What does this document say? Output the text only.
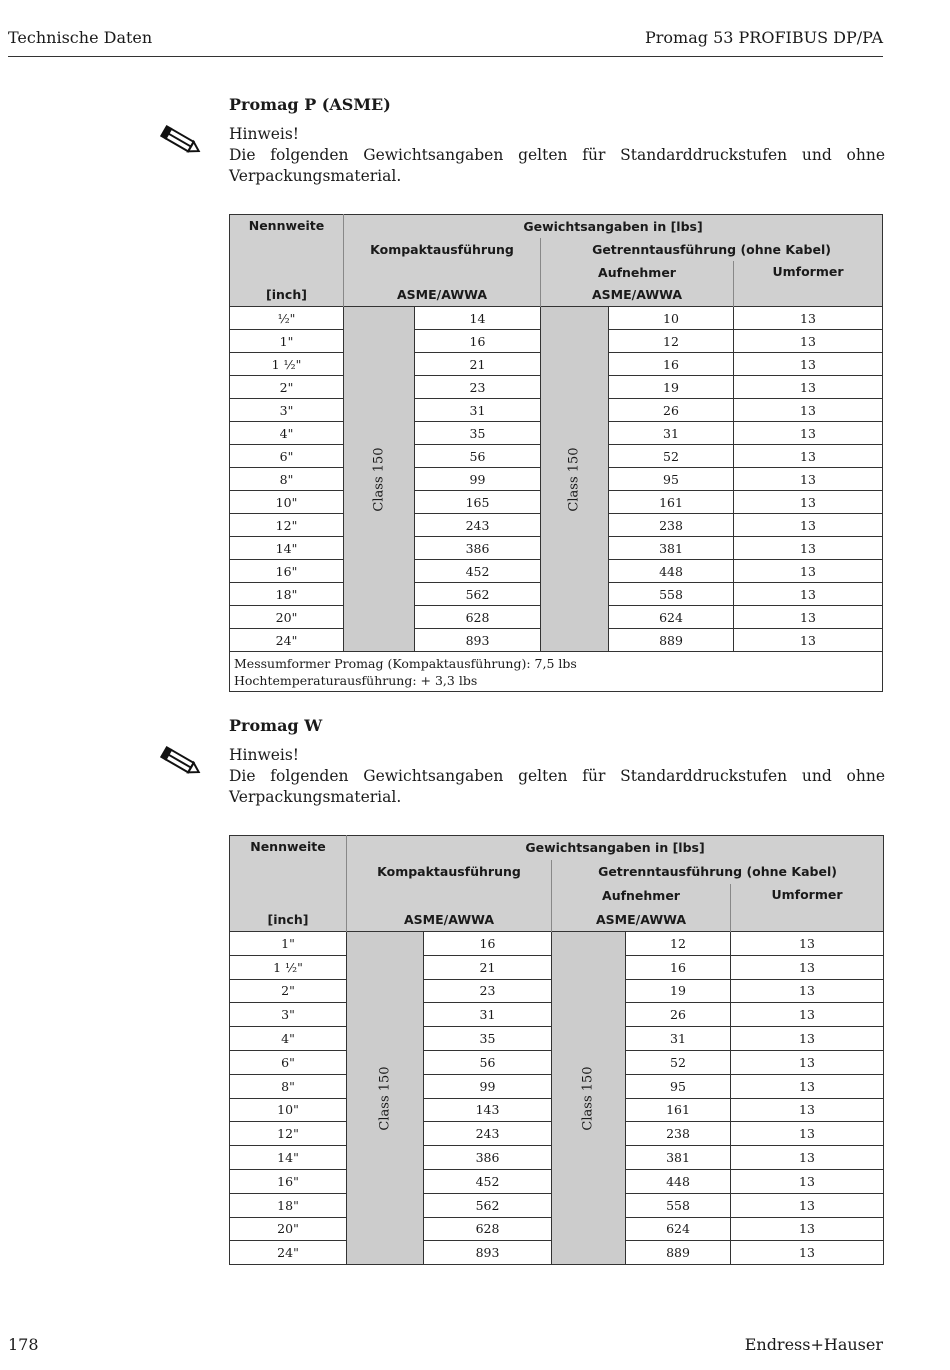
Technische Daten	Promag 53 PROFIBUS DP/PA
Promag P (ASME)

Hinweis!

Die folgenden Gewichtsangaben gelten für Standarddruckstufen und ohne Verpackungsmaterial.

Nennweite	Gewichtsangaben in [lbs]				
	Kompaktausführung		Getrenntausführung (ohne Kabel)		
			Aufnehmer		Umformer
[inch]	ASME/AWWA		ASME/AWWA		
½"	Class 150	14	Class 150	10	13
1"		16		12	13
1 ½"		21		16	13
2"		23		19	13
3"		31		26	13
4"		35		31	13
6"		56		52	13
8"		99		95	13
10"		165		161	13
12"		243		238	13
14"		386		381	13
16"		452		448	13
18"		562		558	13
20"		628		624	13
24"		893		889	13

Messumformer Promag (Kompaktausführung): 7,5 lbs
Hochtemperaturausführung: + 3,3 lbs					
Promag W

Hinweis!

Die folgenden Gewichtsangaben gelten für Standarddruckstufen und ohne Verpackungsmaterial.

Nennweite	Gewichtsangaben in [lbs]				
	Kompaktausführung		Getrenntausführung (ohne Kabel)		
			Aufnehmer		Umformer
[inch]	ASME/AWWA		ASME/AWWA		
1"	Class 150	16	Class 150	12	13
1 ½"		21		16	13
2"		23		19	13
3"		31		26	13
4"		35		31	13
6"		56		52	13
8"		99		95	13
10"		143		161	13
12"		243		238	13
14"		386		381	13
16"		452		448	13
18"		562		558	13
20"		628		624	13
24"		893		889	13
178	Endress+Hauser
